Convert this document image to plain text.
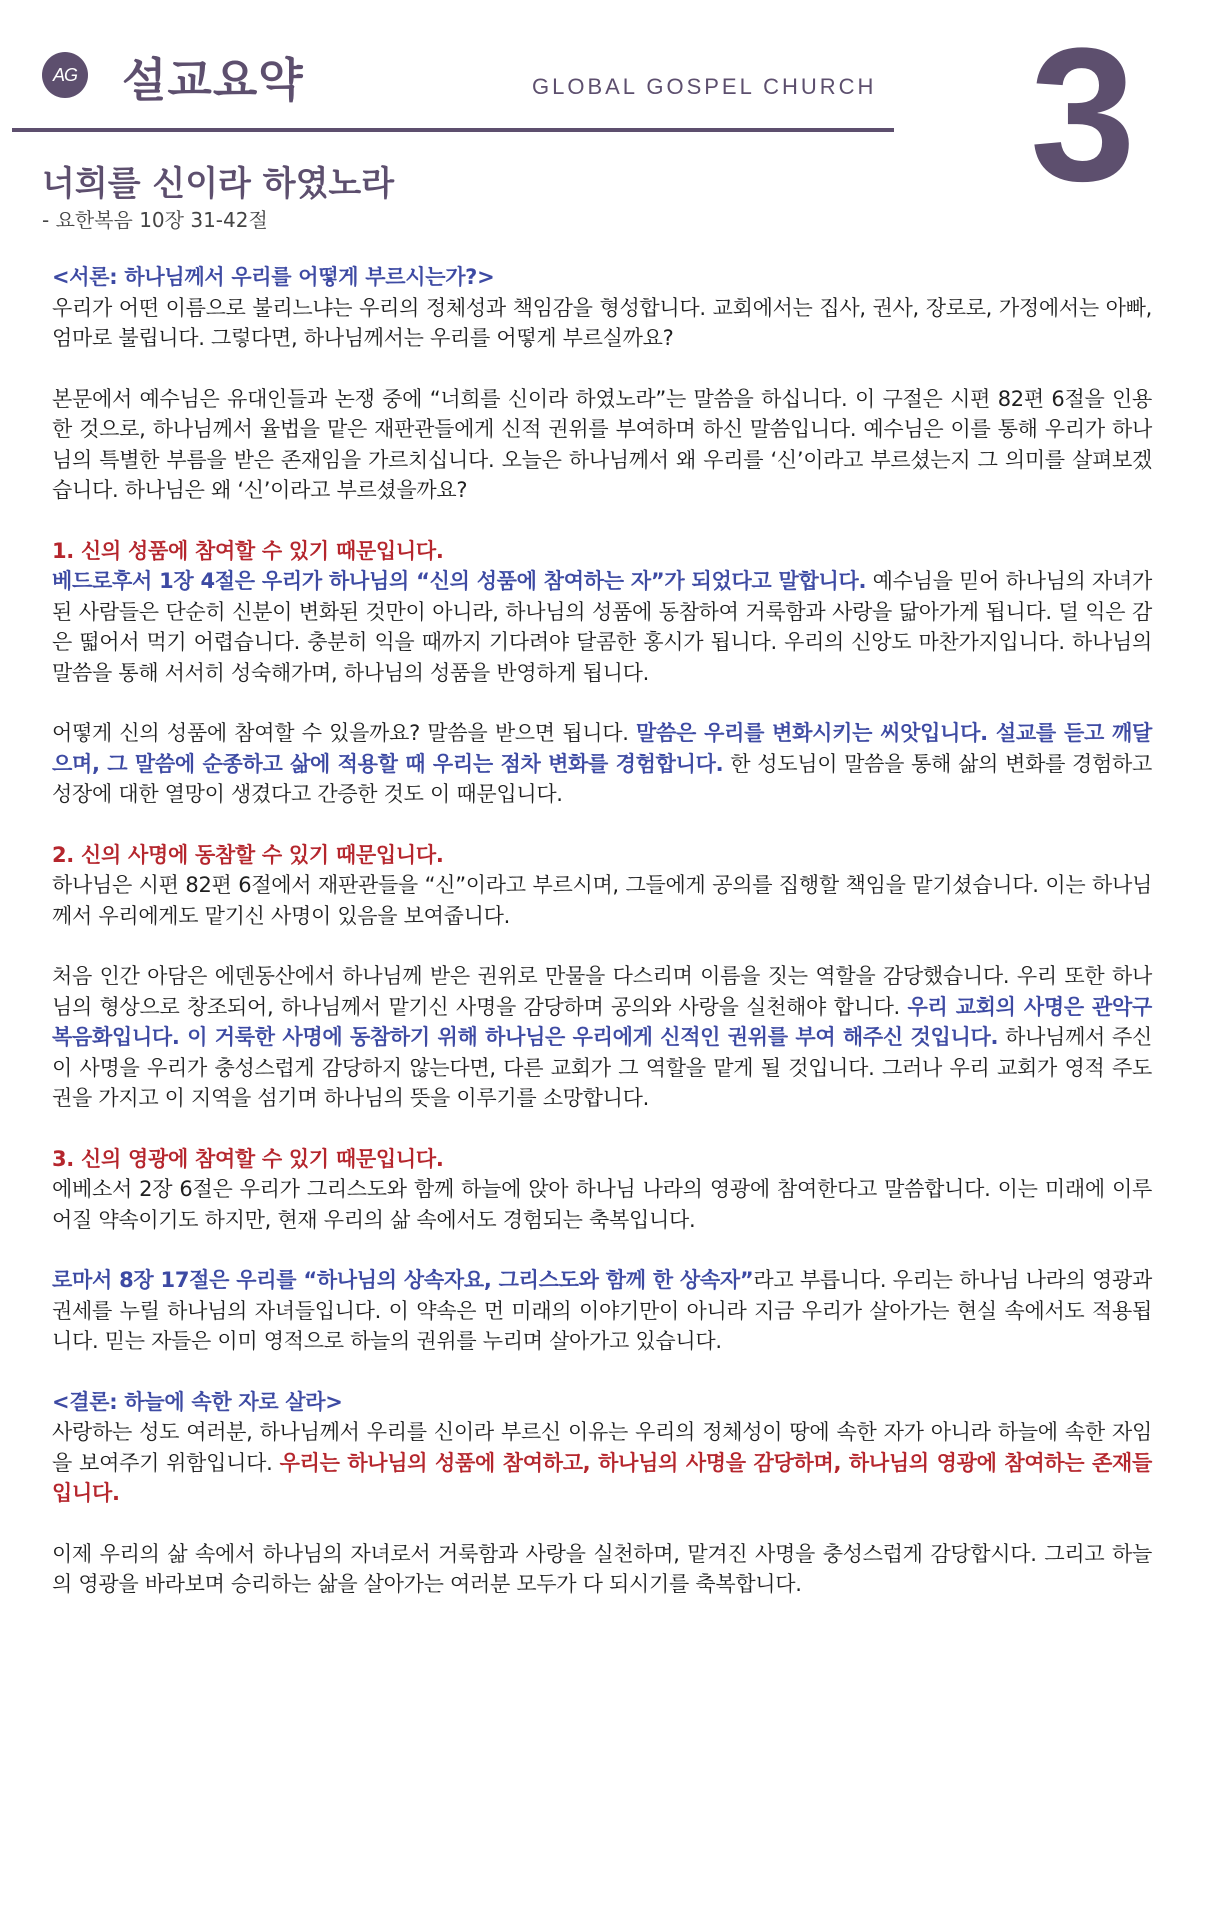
AG 설교요약	GLOBAL GOSPEL CHURCH 3
너희를 신이라 하였노라
- 요한복음 10장 31-42절

<서론: 하나님께서 우리를 어떻게 부르시는가?>
우리가 어떤 이름으로 불리느냐는 우리의 정체성과 책임감을 형성합니다. 교회에서는 집사, 권사, 장로로, 가정에서는 아빠, 엄마로 불립니다. 그렇다면, 하나님께서는 우리를 어떻게 부르실까요?

본문에서 예수님은 유대인들과 논쟁 중에 “너희를 신이라 하였노라”는 말씀을 하십니다. 이 구절은 시편 82편 6절을 인용한 것으로, 하나님께서 율법을 맡은 재판관들에게 신적 권위를 부여하며 하신 말씀입니다. 예수님은 이를 통해 우리가 하나님의 특별한 부름을 받은 존재임을 가르치십니다. 오늘은 하나님께서 왜 우리를 ‘신’이라고 부르셨는지 그 의미를 살펴보겠습니다. 하나님은 왜 ‘신’이라고 부르셨을까요?

1. 신의 성품에 참여할 수 있기 때문입니다.
베드로후서 1장 4절은 우리가 하나님의 “신의 성품에 참여하는 자”가 되었다고 말합니다. 예수님을 믿어 하나님의 자녀가 된 사람들은 단순히 신분이 변화된 것만이 아니라, 하나님의 성품에 동참하여 거룩함과 사랑을 닮아가게 됩니다. 덜 익은 감은 떫어서 먹기 어렵습니다. 충분히 익을 때까지 기다려야 달콤한 홍시가 됩니다. 우리의 신앙도 마찬가지입니다. 하나님의 말씀을 통해 서서히 성숙해가며, 하나님의 성품을 반영하게 됩니다.

어떻게 신의 성품에 참여할 수 있을까요? 말씀을 받으면 됩니다. 말씀은 우리를 변화시키는 씨앗입니다. 설교를 듣고 깨달으며, 그 말씀에 순종하고 삶에 적용할 때 우리는 점차 변화를 경험합니다. 한 성도님이 말씀을 통해 삶의 변화를 경험하고 성장에 대한 열망이 생겼다고 간증한 것도 이 때문입니다.

2. 신의 사명에 동참할 수 있기 때문입니다.
하나님은 시편 82편 6절에서 재판관들을 “신”이라고 부르시며, 그들에게 공의를 집행할 책임을 맡기셨습니다. 이는 하나님께서 우리에게도 맡기신 사명이 있음을 보여줍니다.

처음 인간 아담은 에덴동산에서 하나님께 받은 권위로 만물을 다스리며 이름을 짓는 역할을 감당했습니다. 우리 또한 하나님의 형상으로 창조되어, 하나님께서 맡기신 사명을 감당하며 공의와 사랑을 실천해야 합니다. 우리 교회의 사명은 관악구 복음화입니다. 이 거룩한 사명에 동참하기 위해 하나님은 우리에게 신적인 권위를 부여 해주신 것입니다. 하나님께서 주신 이 사명을 우리가 충성스럽게 감당하지 않는다면, 다른 교회가 그 역할을 맡게 될 것입니다. 그러나 우리 교회가 영적 주도권을 가지고 이 지역을 섬기며 하나님의 뜻을 이루기를 소망합니다.

3. 신의 영광에 참여할 수 있기 때문입니다.
에베소서 2장 6절은 우리가 그리스도와 함께 하늘에 앉아 하나님 나라의 영광에 참여한다고 말씀합니다. 이는 미래에 이루어질 약속이기도 하지만, 현재 우리의 삶 속에서도 경험되는 축복입니다.

로마서 8장 17절은 우리를 “하나님의 상속자요, 그리스도와 함께 한 상속자”라고 부릅니다. 우리는 하나님 나라의 영광과 권세를 누릴 하나님의 자녀들입니다. 이 약속은 먼 미래의 이야기만이 아니라 지금 우리가 살아가는 현실 속에서도 적용됩니다. 믿는 자들은 이미 영적으로 하늘의 권위를 누리며 살아가고 있습니다.

<결론: 하늘에 속한 자로 살라>
사랑하는 성도 여러분, 하나님께서 우리를 신이라 부르신 이유는 우리의 정체성이 땅에 속한 자가 아니라 하늘에 속한 자임을 보여주기 위함입니다. 우리는 하나님의 성품에 참여하고, 하나님의 사명을 감당하며, 하나님의 영광에 참여하는 존재들입니다.

이제 우리의 삶 속에서 하나님의 자녀로서 거룩함과 사랑을 실천하며, 맡겨진 사명을 충성스럽게 감당합시다. 그리고 하늘의 영광을 바라보며 승리하는 삶을 살아가는 여러분 모두가 다 되시기를 축복합니다.
